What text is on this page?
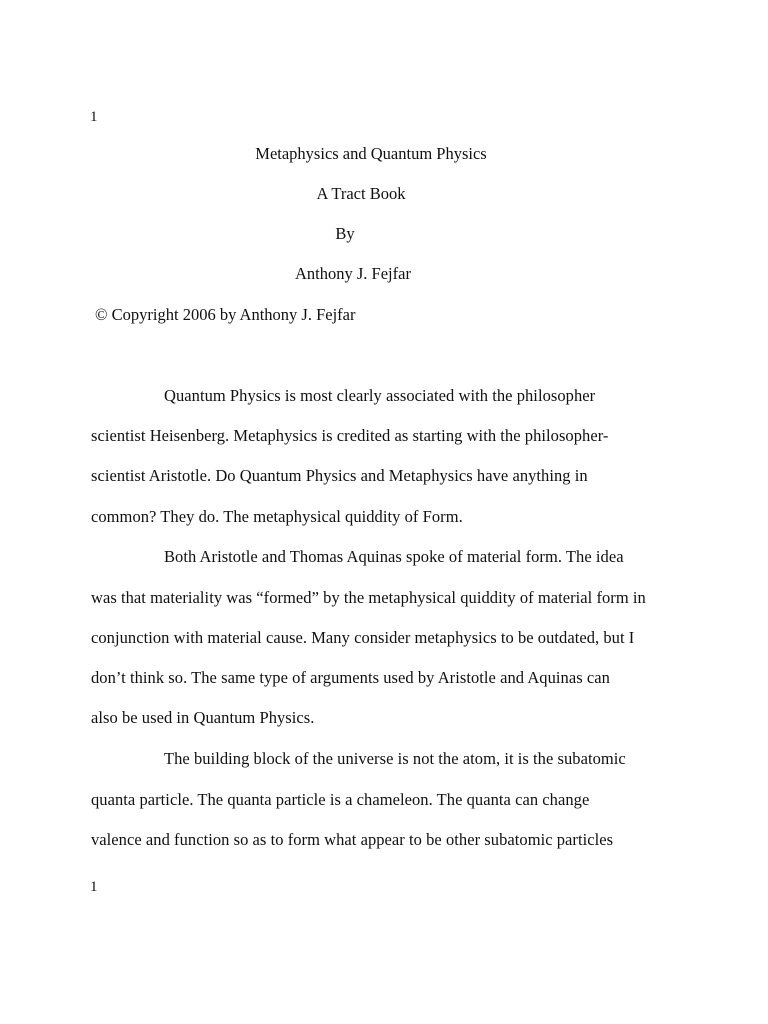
1
Metaphysics and Quantum Physics
A Tract Book
By
Anthony J. Fejfar
© Copyright 2006 by Anthony J. Fejfar
Quantum Physics is most clearly associated with the philosopher
scientist Heisenberg. Metaphysics is credited as starting with the philosopher-
scientist Aristotle. Do Quantum Physics and Metaphysics have anything in
common? They do. The metaphysical quiddity of Form.
Both Aristotle and Thomas Aquinas spoke of material form. The idea
was that materiality was “formed” by the metaphysical quiddity of material form in
conjunction with material cause. Many consider metaphysics to be outdated, but I
don’t think so. The same type of arguments used by Aristotle and Aquinas can
also be used in Quantum Physics.
The building block of the universe is not the atom, it is the subatomic
quanta particle. The quanta particle is a chameleon. The quanta can change
valence and function so as to form what appear to be other subatomic particles
1
